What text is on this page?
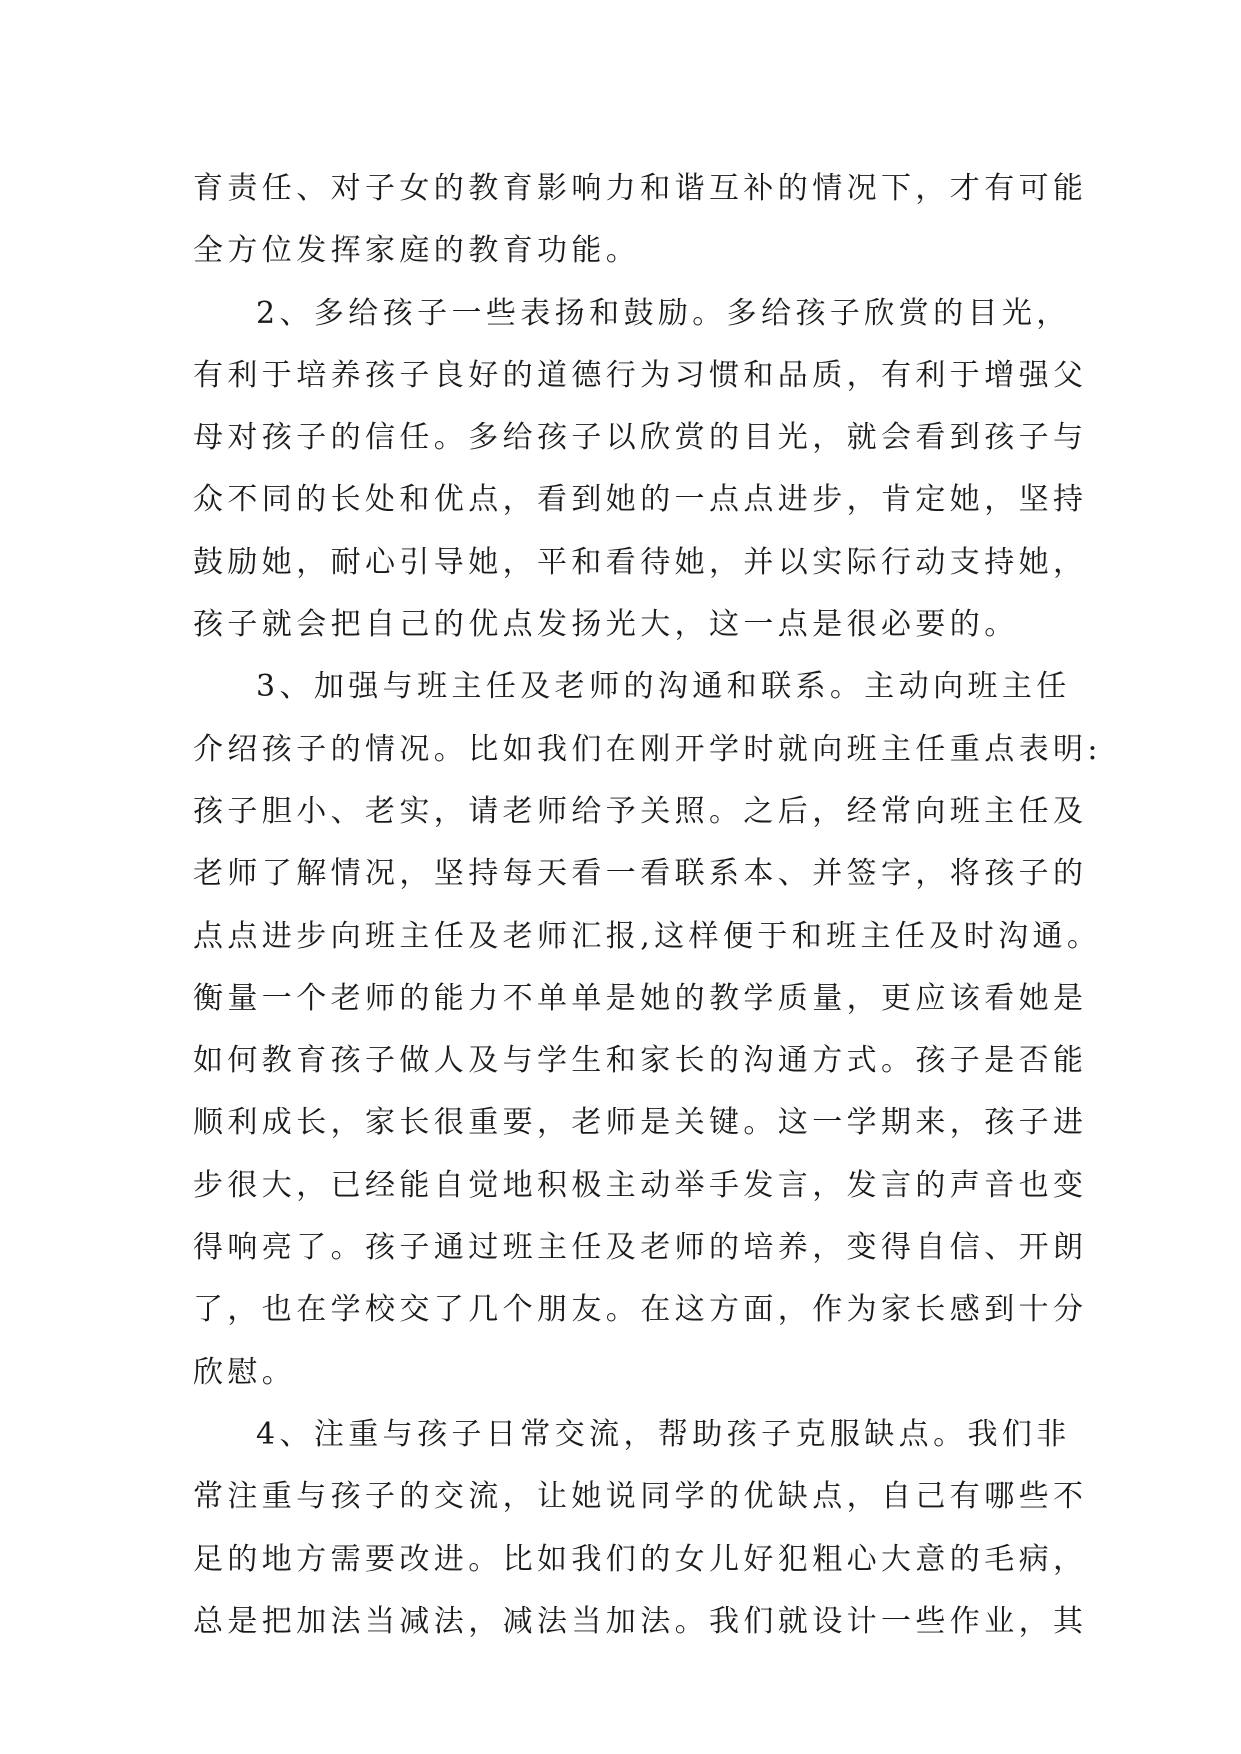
育责任、对子女的教育影响力和谐互补的情况下，才有可能
全方位发挥家庭的教育功能。
2、多给孩子一些表扬和鼓励。多给孩子欣赏的目光，
有利于培养孩子良好的道德行为习惯和品质，有利于增强父
母对孩子的信任。多给孩子以欣赏的目光，就会看到孩子与
众不同的长处和优点，看到她的一点点进步，肯定她，坚持
鼓励她，耐心引导她，平和看待她，并以实际行动支持她，
孩子就会把自己的优点发扬光大，这一点是很必要的。
3、加强与班主任及老师的沟通和联系。主动向班主任
介绍孩子的情况。比如我们在刚开学时就向班主任重点表明:
孩子胆小、老实，请老师给予关照。之后，经常向班主任及
老师了解情况，坚持每天看一看联系本、并签字，将孩子的
点点进步向班主任及老师汇报,这样便于和班主任及时沟通。
衡量一个老师的能力不单单是她的教学质量，更应该看她是
如何教育孩子做人及与学生和家长的沟通方式。孩子是否能
顺利成长，家长很重要，老师是关键。这一学期来，孩子进
步很大，已经能自觉地积极主动举手发言，发言的声音也变
得响亮了。孩子通过班主任及老师的培养，变得自信、开朗
了，也在学校交了几个朋友。在这方面，作为家长感到十分
欣慰。
4、注重与孩子日常交流，帮助孩子克服缺点。我们非
常注重与孩子的交流，让她说同学的优缺点，自己有哪些不
足的地方需要改进。比如我们的女儿好犯粗心大意的毛病，
总是把加法当减法，减法当加法。我们就设计一些作业，其
